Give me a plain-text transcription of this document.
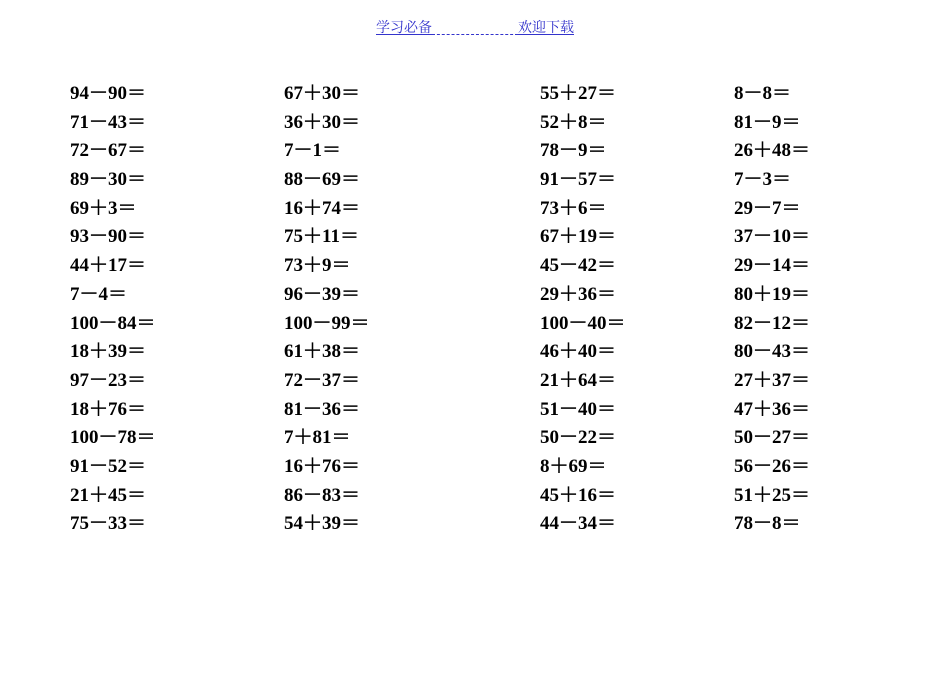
学习必备	欢迎下载
94－90＝
71－43＝
72－67＝
89－30＝
69＋3＝
93－90＝
44＋17＝
7－4＝
100－84＝
18＋39＝
97－23＝
18＋76＝
100－78＝
91－52＝
21＋45＝
75－33＝
67＋30＝
36＋30＝
7－1＝
88－69＝
16＋74＝
75＋11＝
73＋9＝
96－39＝
100－99＝
61＋38＝
72－37＝
81－36＝
7＋81＝
16＋76＝
86－83＝
54＋39＝
55＋27＝
52＋8＝
78－9＝
91－57＝
73＋6＝
67＋19＝
45－42＝
29＋36＝
100－40＝
46＋40＝
21＋64＝
51－40＝
50－22＝
8＋69＝
45＋16＝
44－34＝
8－8＝
81－9＝
26＋48＝
7－3＝
29－7＝
37－10＝
29－14＝
80＋19＝
82－12＝
80－43＝
27＋37＝
47＋36＝
50－27＝
56－26＝
51＋25＝
78－8＝
